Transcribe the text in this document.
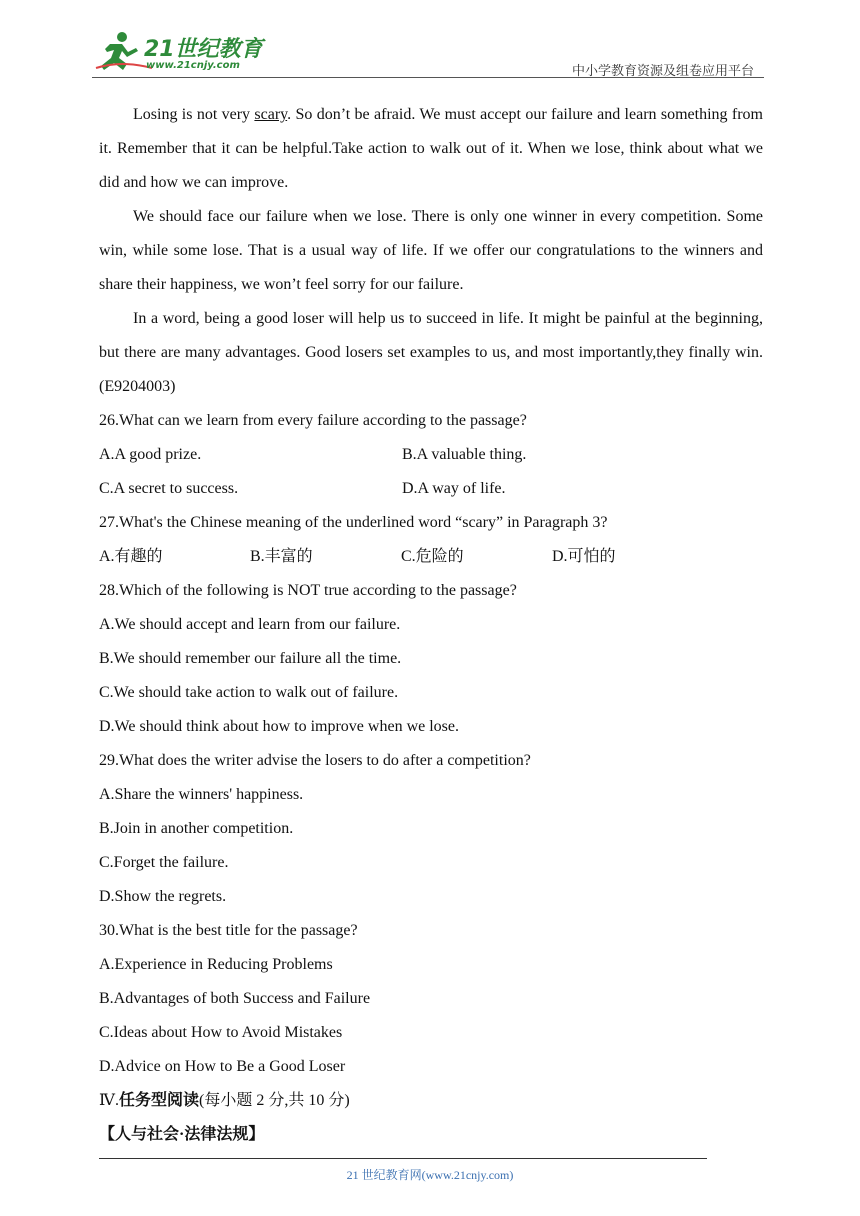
21世纪教育
www.21cnjy.com	中小学教育资源及组卷应用平台

Losing is not very scary. So don’t be afraid. We must accept our failure and learn something from it. Remember that it can be helpful.Take action to walk out of it. When we lose, think about what we did and how we can improve.

We should face our failure when we lose. There is only one winner in every competition. Some win, while some lose. That is a usual way of life. If we offer our congratulations to the winners and share their happiness, we won’t feel sorry for our failure.

In a word, being a good loser will help us to succeed in life. It might be painful at the beginning, but there are many advantages. Good losers set examples to us, and most importantly,they finally win.(E9204003)

26.What can we learn from every failure according to the passage?

A.A good prize.	B.A valuable thing.
C.A secret to success.	D.A way of life.

27.What's the Chinese meaning of the underlined word “scary” in Paragraph 3?

A.有趣的	B.丰富的	C.危险的	D.可怕的

28.Which of the following is NOT true according to the passage?

A.We should accept and learn from our failure.

B.We should remember our failure all the time.

C.We should take action to walk out of failure.

D.We should think about how to improve when we lose.

29.What does the writer advise the losers to do after a competition?

A.Share the winners' happiness.

B.Join in another competition.

C.Forget the failure.

D.Show the regrets.

30.What is the best title for the passage?

A.Experience in Reducing Problems

B.Advantages of both Success and Failure

C.Ideas about How to Avoid Mistakes

D.Advice on How to Be a Good Loser

Ⅳ.任务型阅读(每小题 2 分,共 10 分)

【人与社会·法律法规】

21 世纪教育网(www.21cnjy.com)
